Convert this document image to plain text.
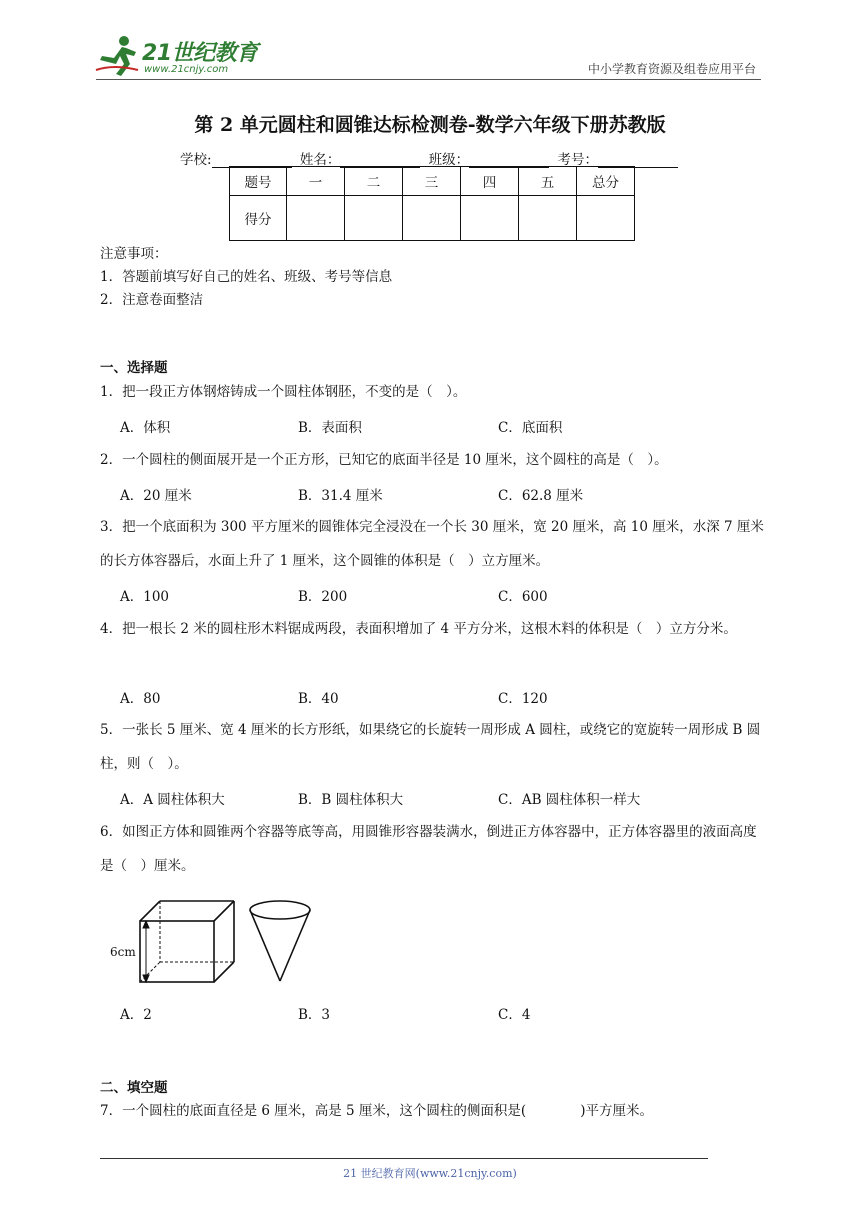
21世纪教育
www.21cnjy.com	中小学教育资源及组卷应用平台
第 2 单元圆柱和圆锥达标检测卷-数学六年级下册苏教版
学校:	姓名：	班级：	考号：
题号	一	二	三	四	五	总分
得分						
注意事项：
1．答题前填写好自己的姓名、班级、考号等信息
2．注意卷面整洁
一、选择题
1．把一段正方体钢熔铸成一个圆柱体钢胚，不变的是（　）。
A．体积	B．表面积	C．底面积
2．一个圆柱的侧面展开是一个正方形，已知它的底面半径是 10 厘米，这个圆柱的高是（　）。
A．20 厘米	B．31.4 厘米	C．62.8 厘米
3．把一个底面积为 300 平方厘米的圆锥体完全浸没在一个长 30 厘米，宽 20 厘米，高 10 厘米，水深 7 厘米的长方体容器后，水面上升了 1 厘米，这个圆锥的体积是（　）立方厘米。
A．100	B．200	C．600
4．把一根长 2 米的圆柱形木料锯成两段，表面积增加了 4 平方分米，这根木料的体积是（　）立方分米。
A．80	B．40	C．120
5．一张长 5 厘米、宽 4 厘米的长方形纸，如果绕它的长旋转一周形成 A 圆柱，或绕它的宽旋转一周形成 B 圆柱，则（　）。
A．A 圆柱体积大	B．B 圆柱体积大	C．AB 圆柱体积一样大
6．如图正方体和圆锥两个容器等底等高，用圆锥形容器装满水，倒进正方体容器中，正方体容器里的液面高度是（　）厘米。
6cm
A．2	B．3	C．4
二、填空题
7．一个圆柱的底面直径是 6 厘米，高是 5 厘米，这个圆柱的侧面积是(　　　　)平方厘米。
21 世纪教育网(www.21cnjy.com)
